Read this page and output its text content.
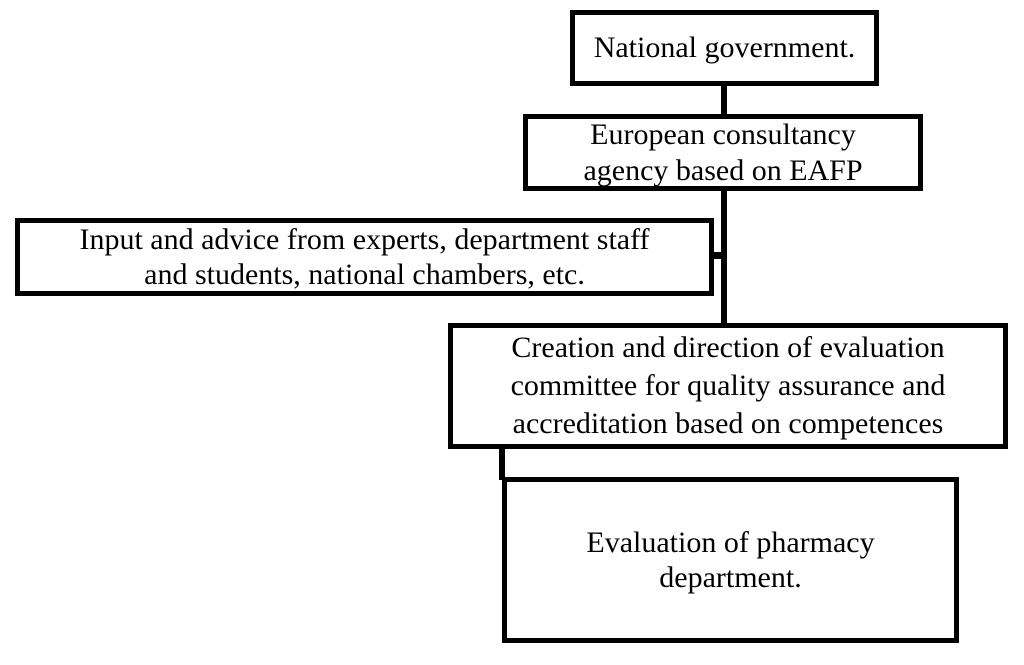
National government.
European consultancy
agency based on EAFP
Input and advice from experts, department staff
and students, national chambers, etc.
Creation and direction of evaluation
committee for quality assurance and
accreditation based on competences
Evaluation of pharmacy
department.
